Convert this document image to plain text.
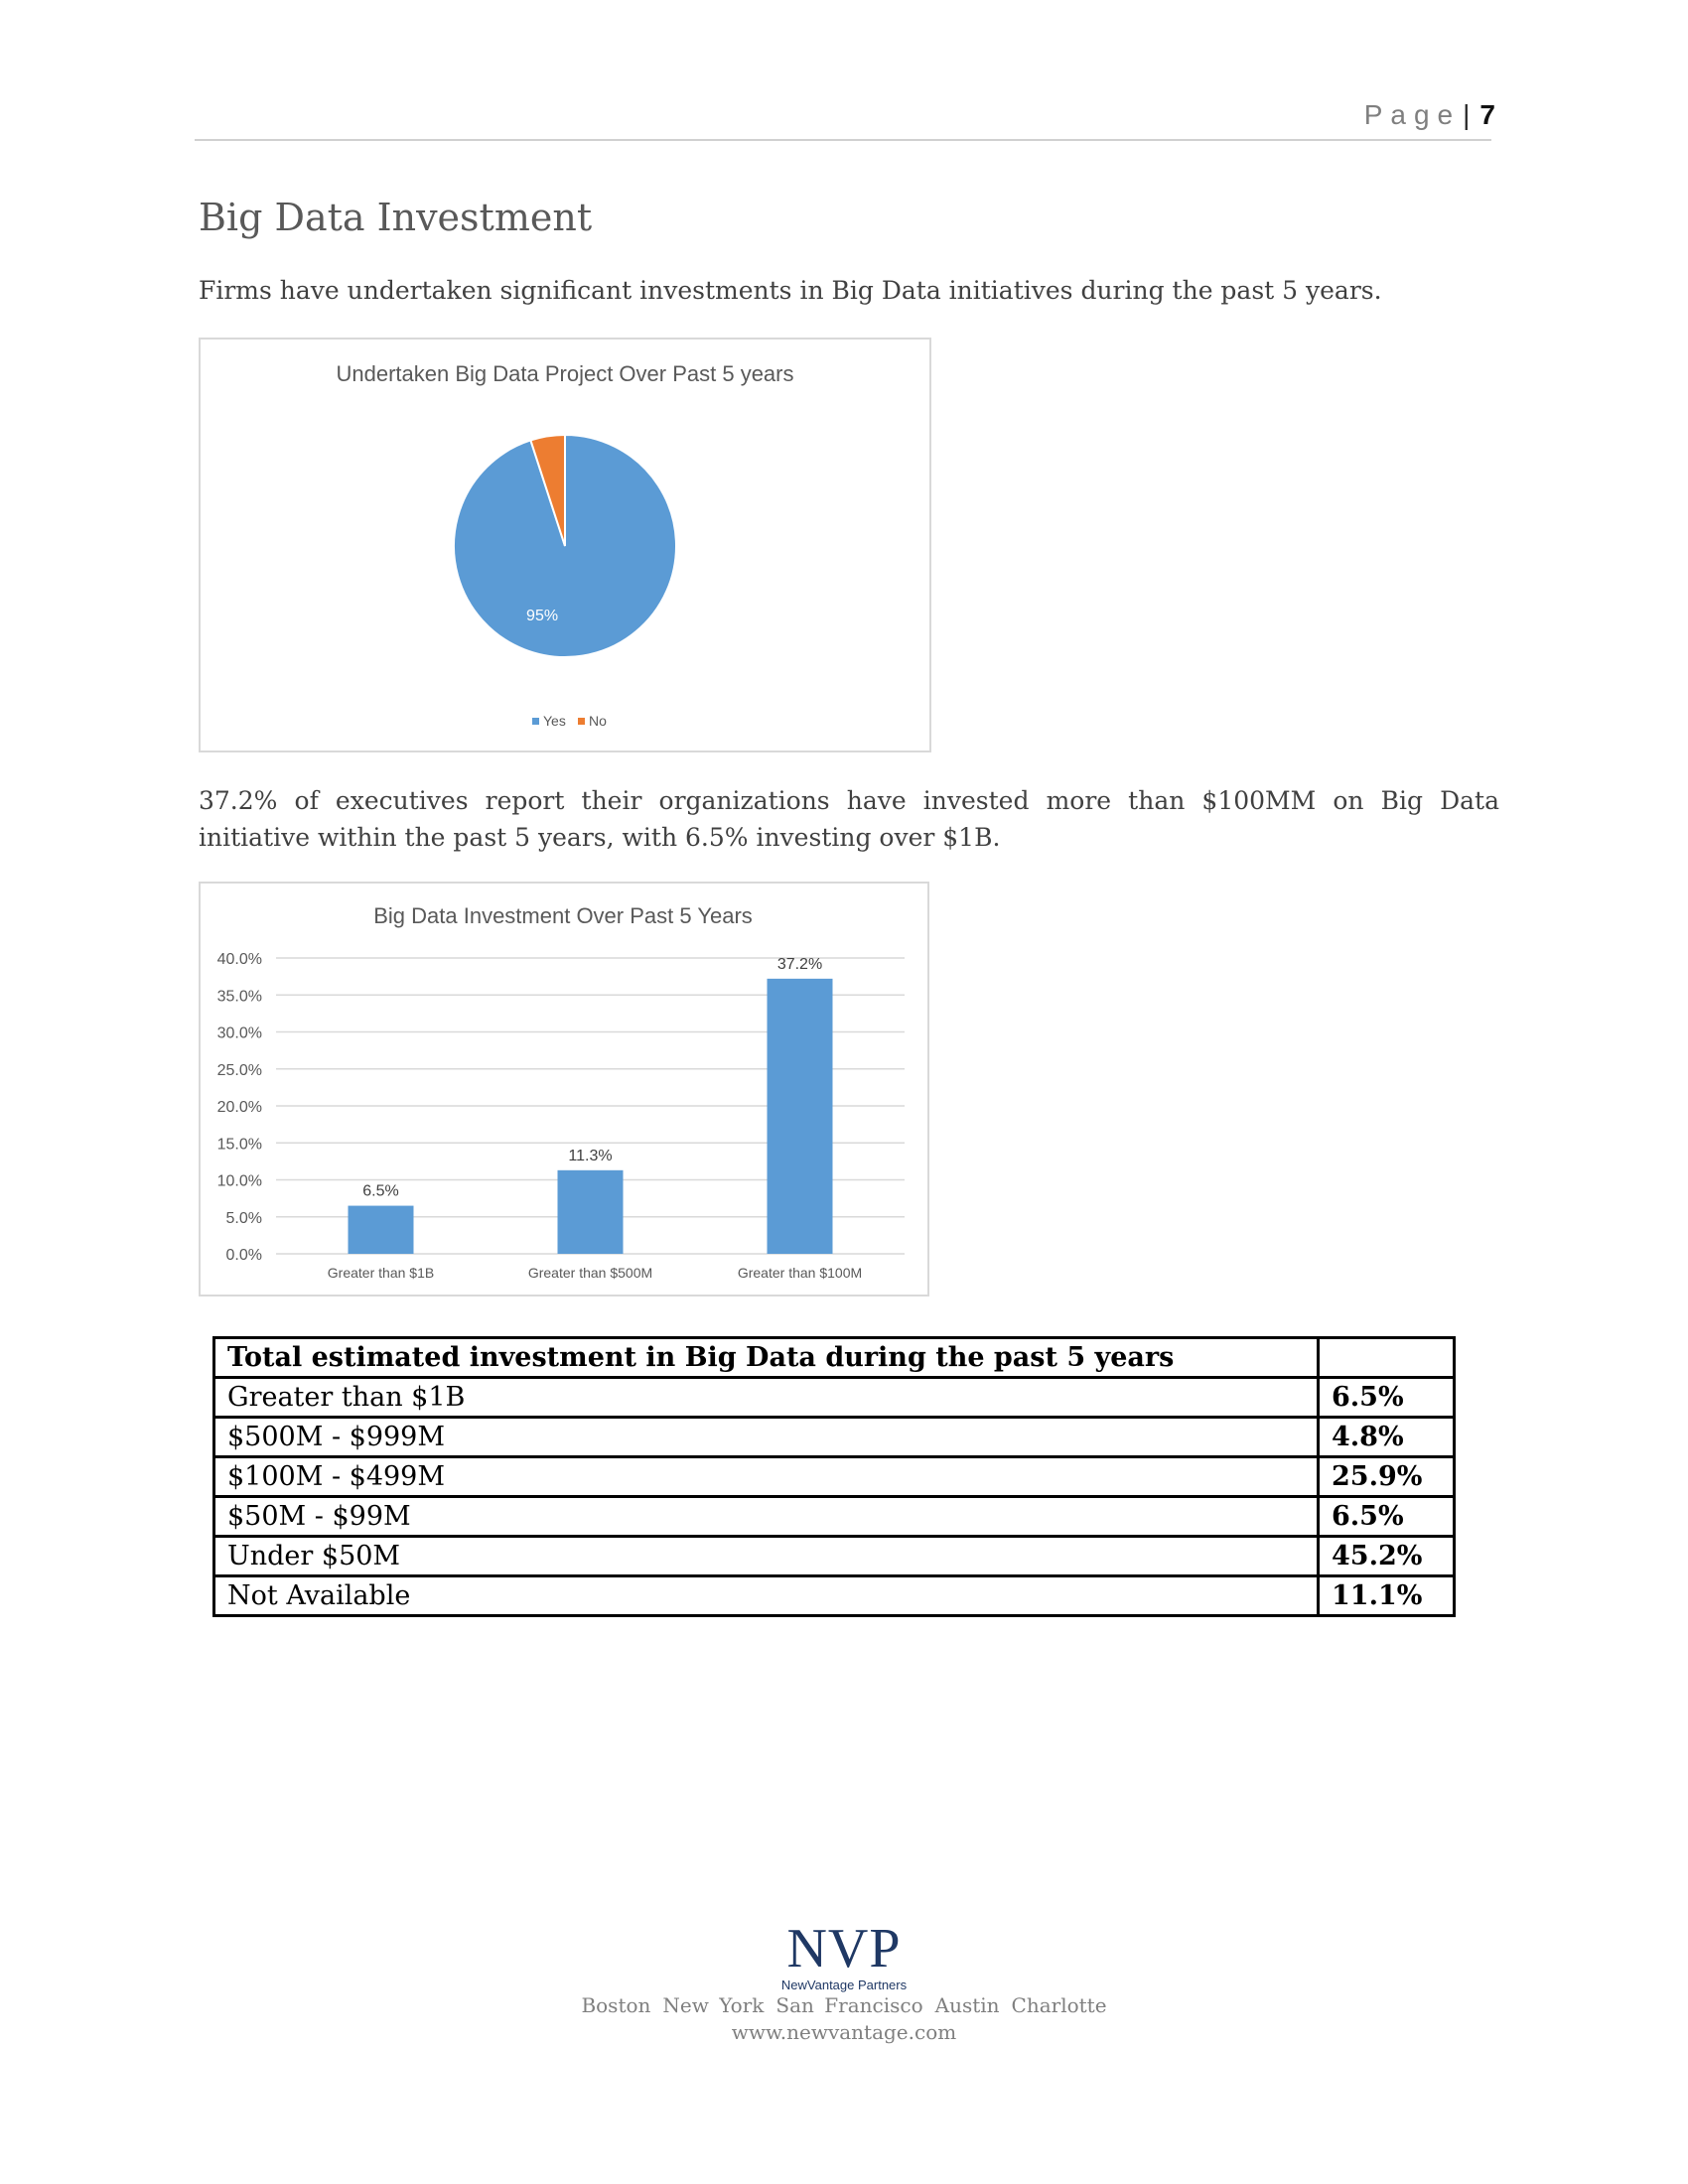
Page| 7
Big Data Investment

Firms have undertaken significant investments in Big Data initiatives during the past 5 years.

Undertaken Big Data Project Over Past 5 years
95%
Yes No

37.2% of executives report their organizations have invested more than $100MM on Big Data initiative within the past 5 years, with 6.5% investing over $1B.

Big Data Investment Over Past 5 Years
0.0%
5.0%
10.0%
15.0%
20.0%
25.0%
30.0%
35.0%
40.0%
6.5%
Greater than $1B
11.3%
Greater than $500M
37.2%
Greater than $100M
Total estimated investment in Big Data during the past 5 years	
Greater than $1B	6.5%
$500M - $999M	4.8%
$100M - $499M	25.9%
$50M - $99M	6.5%
Under $50M	45.2%
Not Available	11.1%
NVP
NewVantage Partners
Boston New York San Francisco Austin Charlotte
www.newvantage.com
